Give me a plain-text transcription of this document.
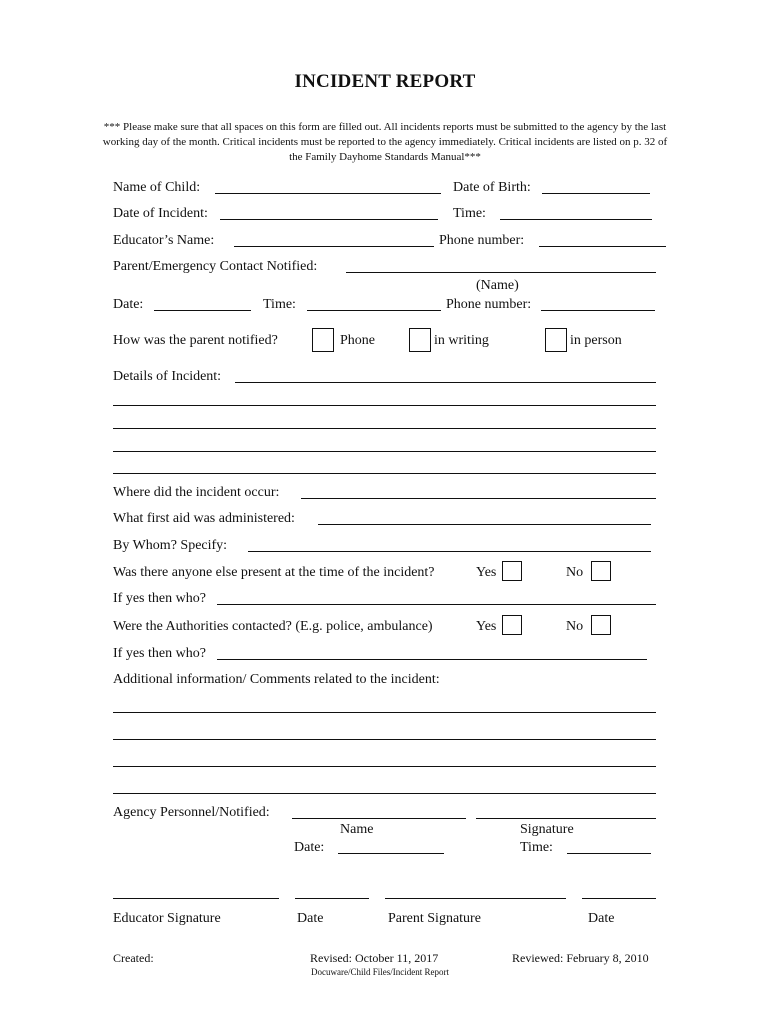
INCIDENT REPORT
*** Please make sure that all spaces on this form are filled out. All incidents reports must be submitted to the agency by the last working day of the month. Critical incidents must be reported to the agency immediately. Critical incidents are listed on p. 32 of the Family Dayhome Standards Manual***
Name of Child:	Date of Birth:
Date of Incident:	Time:
Educator’s Name:	Phone number:
Parent/Emergency Contact Notified:
(Name)
Date:	Time:	Phone number:
How was the parent notified?	Phone	in writing	in person
Details of Incident:
Where did the incident occur:
What first aid was administered:
By Whom? Specify:
Was there anyone else present at the time of the incident?	Yes	No
If yes then who?
Were the Authorities contacted? (E.g. police, ambulance)	Yes	No
If yes then who?
Additional information/ Comments related to the incident:
Agency Personnel/Notified:
Name	Signature
Date:	Time:
Educator Signature	Date	Parent Signature	Date
Created:	Revised: October 11, 2017	Reviewed: February 8, 2010
Docuware/Child Files/Incident Report
